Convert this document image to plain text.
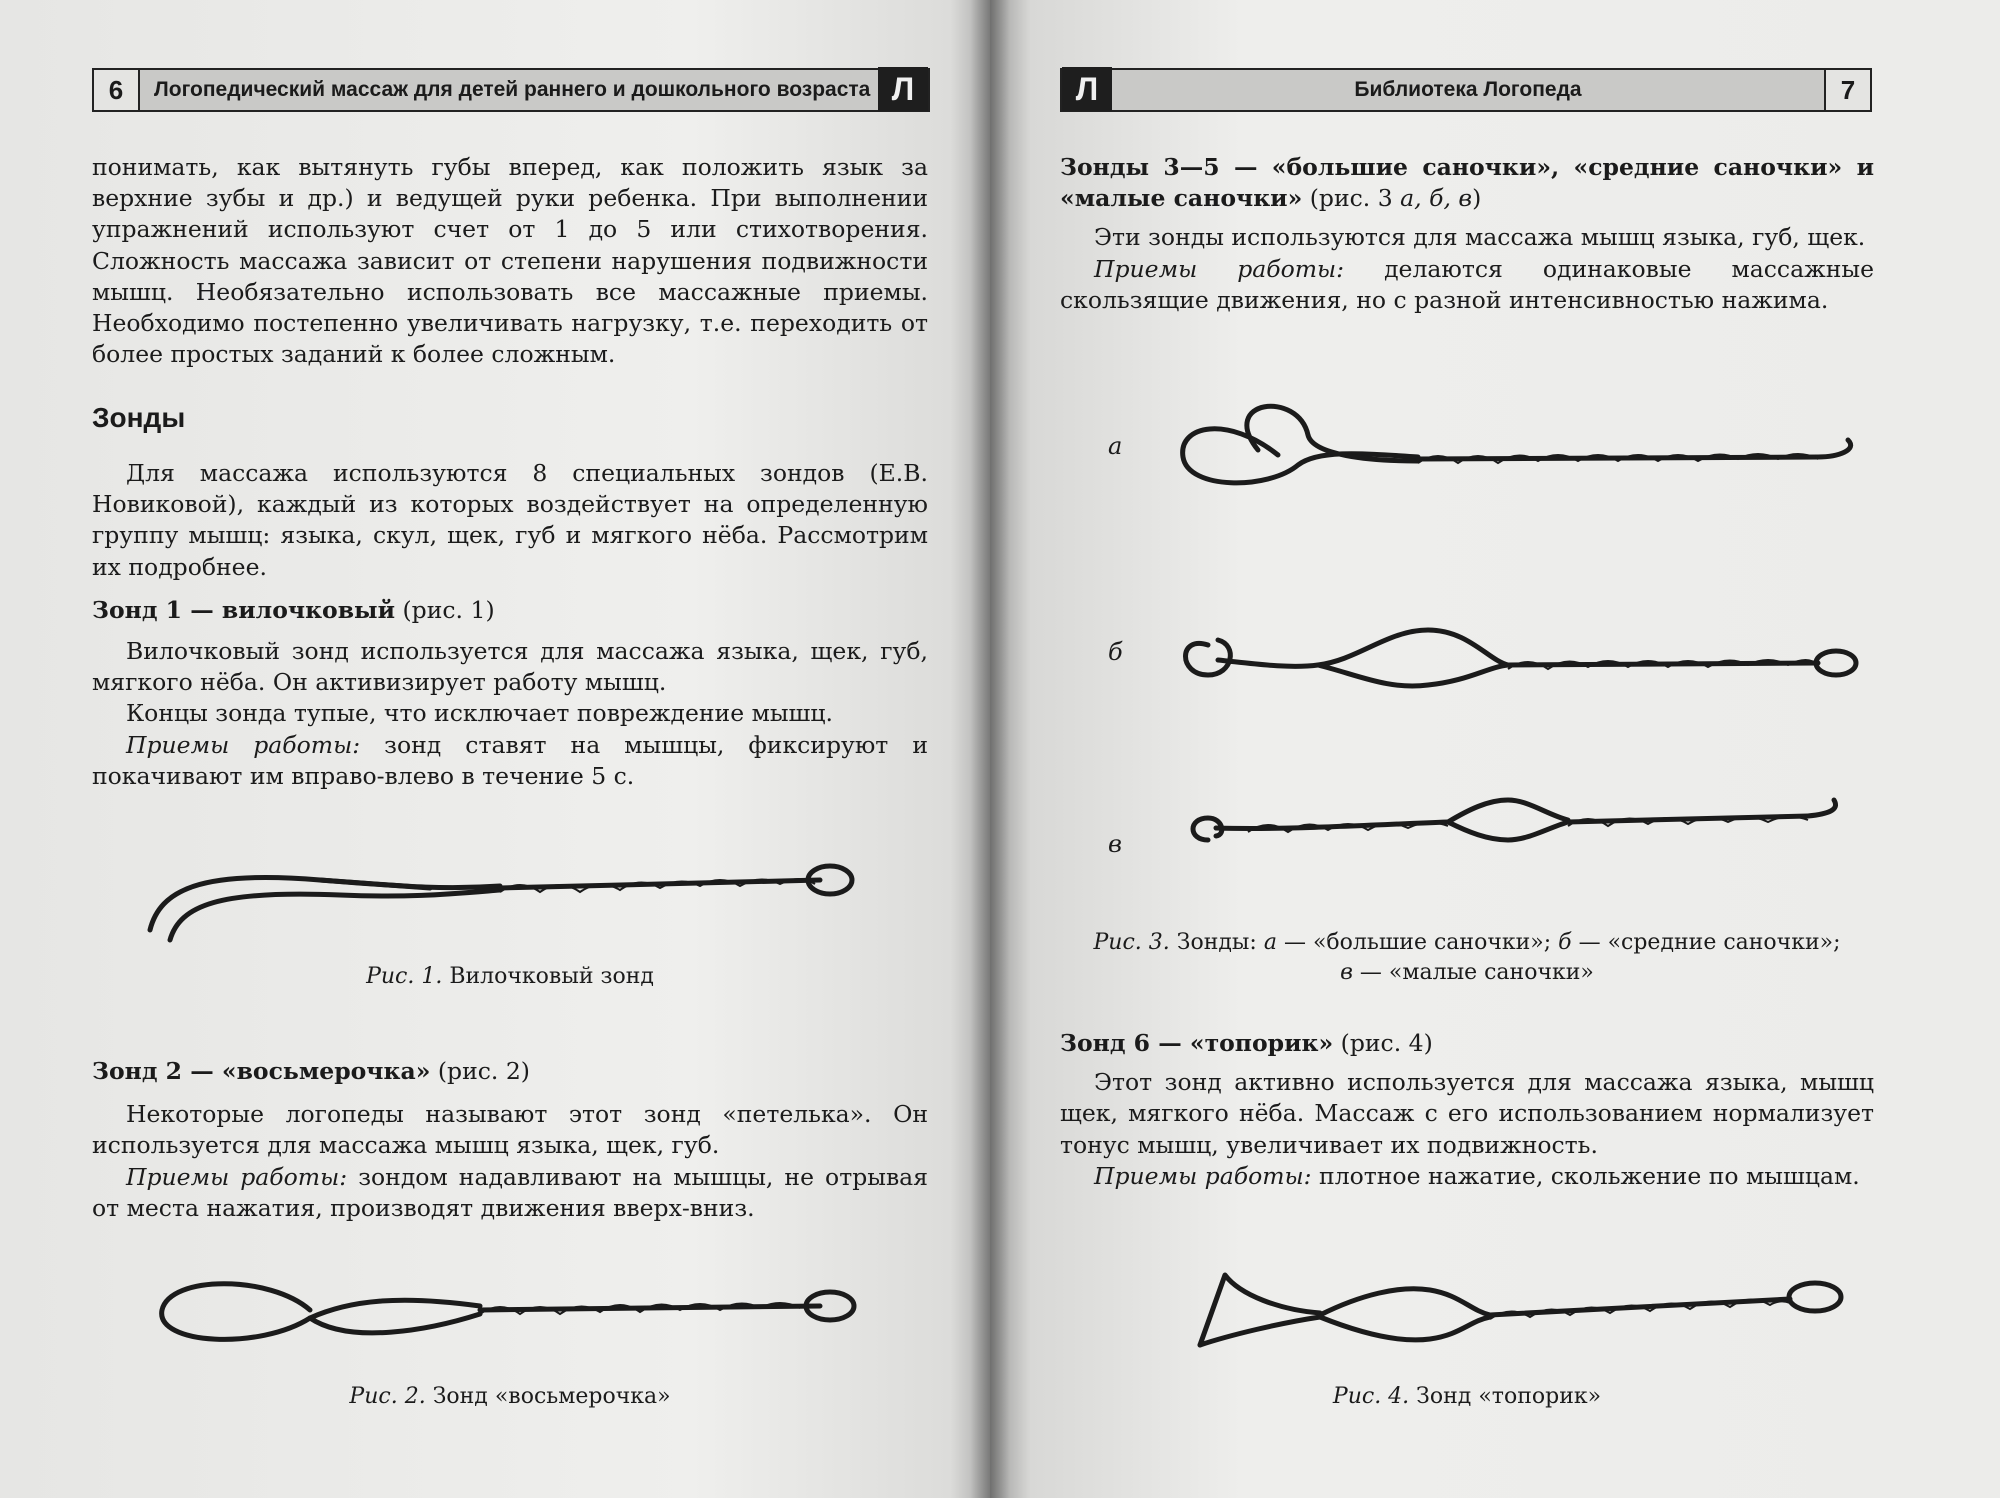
6	Логопедический массаж для детей раннего и дошкольного возраста Л

понимать, как вытянуть губы вперед, как положить язык за верхние зубы и др.) и ведущей руки ребенка. При выполнении упражнений используют счет от 1 до 5 или стихотворения. Сложность массажа зависит от степени нарушения подвижности мышц. Необязательно использовать все массажные приемы. Необходимо постепенно увеличивать нагрузку, т.е. переходить от более простых заданий к более сложным.

Зонды

Для массажа используются 8 специальных зондов (Е.В. Новиковой), каждый из которых воздействует на определенную группу мышц: языка, скул, щек, губ и мягкого нёба. Рассмотрим их подробнее.

Зонд 1 — вилочковый (рис. 1)

Вилочковый зонд используется для массажа языка, щек, губ, мягкого нёба. Он активизирует работу мышц.

Концы зонда тупые, что исключает повреждение мышц.

Приемы работы: зонд ставят на мышцы, фиксируют и покачивают им вправо-влево в течение 5 с.

Рис. 1. Вилочковый зонд

Зонд 2 — «восьмерочка» (рис. 2)

Некоторые логопеды называют этот зонд «петелька». Он используется для массажа мышц языка, щек, губ.

Приемы работы: зондом надавливают на мышцы, не отрывая от места нажатия, производят движения вверх-вниз.

Рис. 2. Зонд «восьмерочка»
Л	Библиотека Логопеда	7

Зонды 3—5 — «большие саночки», «средние саночки» и «малые саночки» (рис. 3 а, б, в)

Эти зонды используются для массажа мышц языка, губ, щек.

Приемы работы: делаются одинаковые массажные скользящие движения, но с разной интенсивностью нажима.

а
б
в
Рис. 3. Зонды: а — «большие саночки»; б — «средние саночки»;
в — «малые саночки»

Зонд 6 — «топорик» (рис. 4)

Этот зонд активно используется для массажа языка, мышц щек, мягкого нёба. Массаж с его использованием нормализует тонус мышц, увеличивает их подвижность.

Приемы работы: плотное нажатие, скольжение по мышцам.

Рис. 4. Зонд «топорик»
